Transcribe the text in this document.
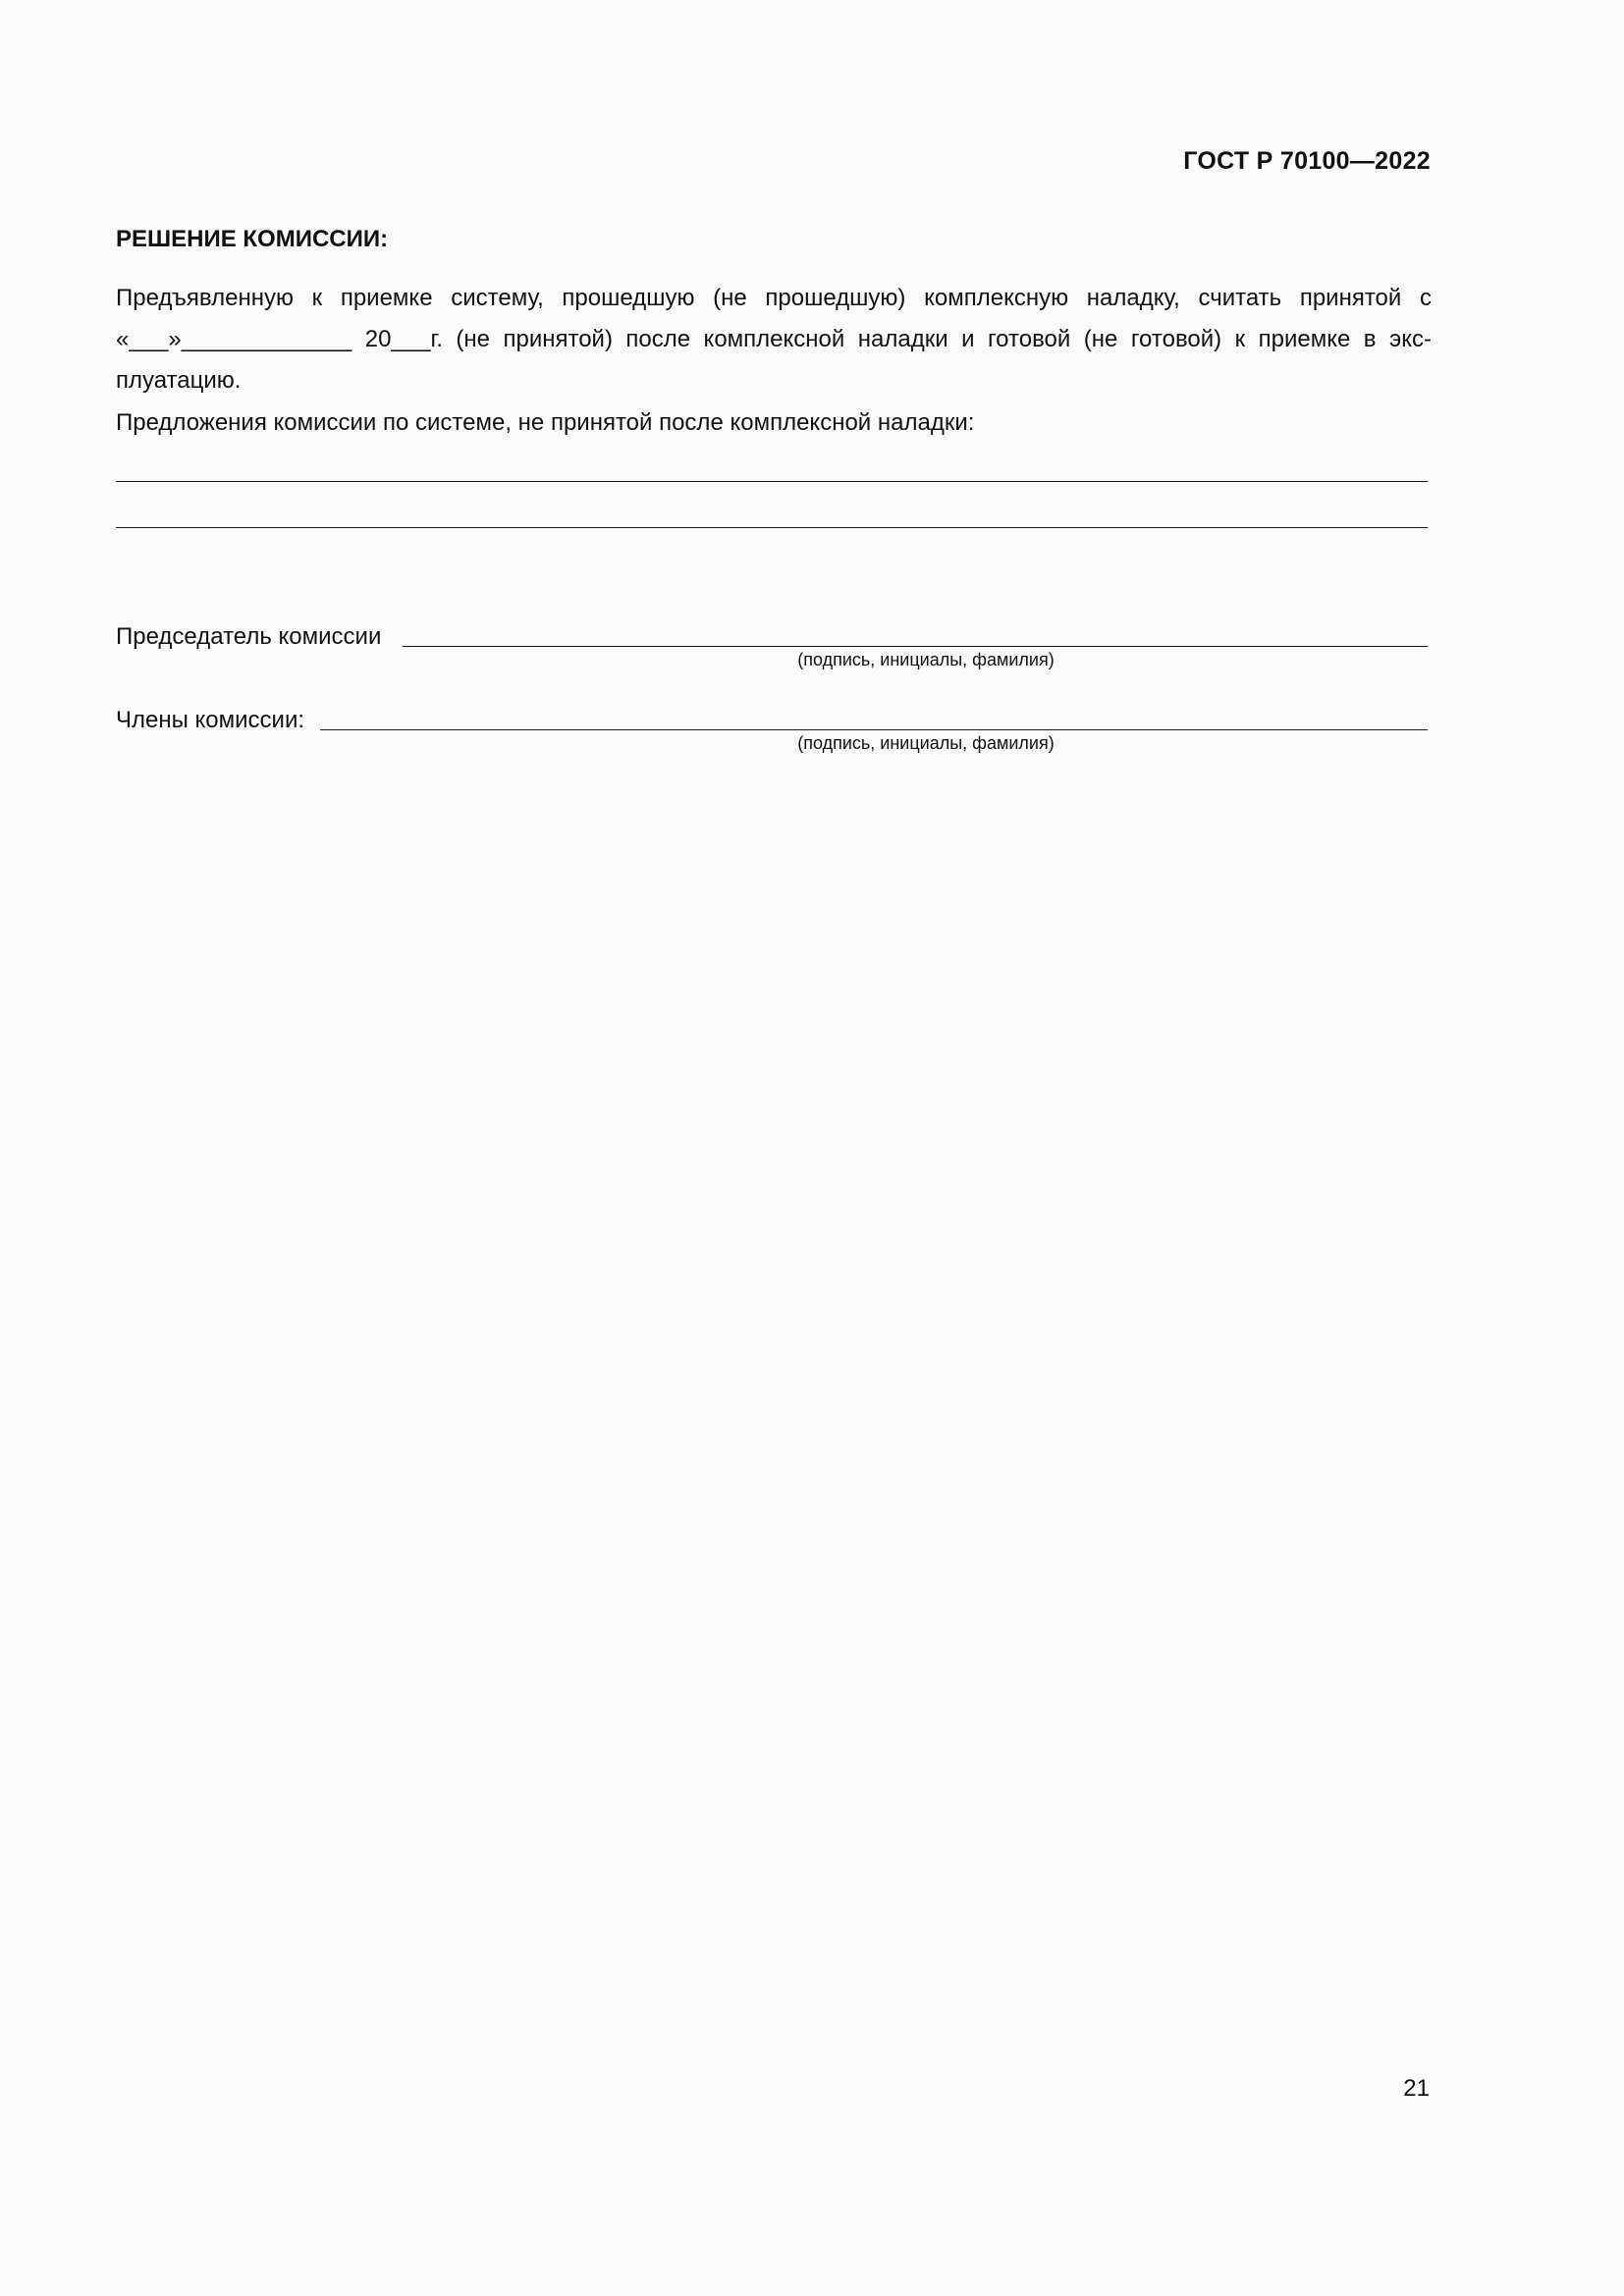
ГОСТ Р 70100—2022
РЕШЕНИЕ КОМИССИИ:
Предъявленную к приемке систему, прошедшую (не прошедшую) комплексную наладку, считать принятой с
«___»_____________ 20___г. (не принятой) после комплексной наладки и готовой (не готовой) к приемке в экс-
плуатацию.
Предложения комиссии по системе, не принятой после комплексной наладки:
Председатель комиссии
(подпись, инициалы, фамилия)
Члены комиссии:
(подпись, инициалы, фамилия)
21
